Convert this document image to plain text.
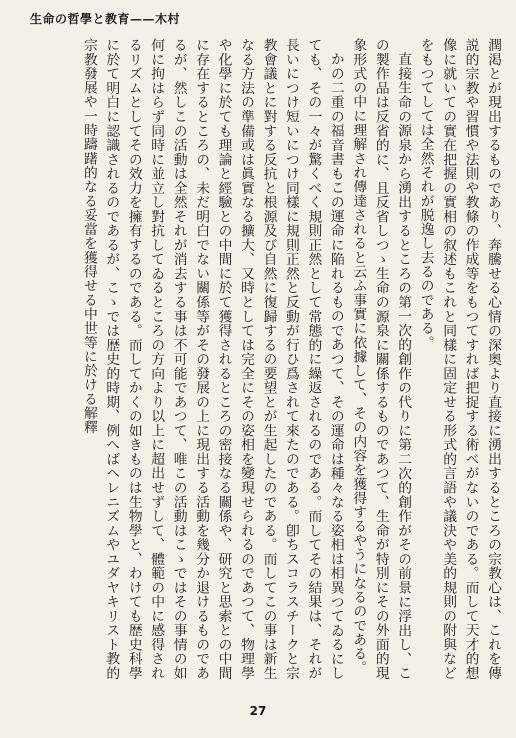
生命の哲學と教育——木村

潤渇とが現出するものであり、奔騰せる心情の深奥より直接に湧出するところの宗教心は、これを傳説的宗教や習慣や法則や教條の作成等をもつてすれば把捉する術べがないのである。而して天才的想像に就いての實在把握の實相の叙述もこれと同樣に固定せる形式的言語や議決や美的規則の附與などをもつてしては全然それが脱逸し去るのである。

直接生命の源泉から湧出するところの第一次的創作の代りに第二次的創作がその前景に浮出し、この製作品は反省的に、且反省しつゝ生命の源泉に關係するものであつて、生命が特別にその外面的現象形式の中に理解され傳達されると云ふ事實に依據して、その内容を獲得するやうになるのである。

かの二重の福音書もこの運命に陥れるものであつて、その運命は種々なる姿相は相異つてゐるにしても、その一々が驚くべく規則正然として常態的に繰返されるのである。而してその結果は、それが長いにつけ短いにつけ同樣に規則正然と反動が行ひ爲されて來たのである。卽ちスコラスチークと宗教會議とに對する反抗と根源及び自然に復歸するの要望とが生起したのである。而してこの事は新生なる方法の準備或は眞實なる擴大、又時としては完全にその姿相を變現せられるのであつて、物理學や化學に於ても理論と經驗との中間に於て獲得されるところの密接なる關係や、研究と思索との中間に存在するところの、未だ明白でない關係等がその發展の上に現出する活動を幾分か退けるものであるが、然しこの活動は全然それが消去する事は不可能であつて、唯この活動はこゝではその事情の如何に拘はらず同時に並立し對抗してゐるところの方向より以上に超出せずして、體範の中に感得されるリズムとしてその效力を擁有するのである。而してかくの如きものは生物學と、わけても歴史科學に於て明白に認識されるのであるが、こゝでは歴史的時期、例へばヘレニズムやユダヤキリスト教的宗教發展や一時躊躇的なる妥當を獲得せる中世等に於ける解釋

27
